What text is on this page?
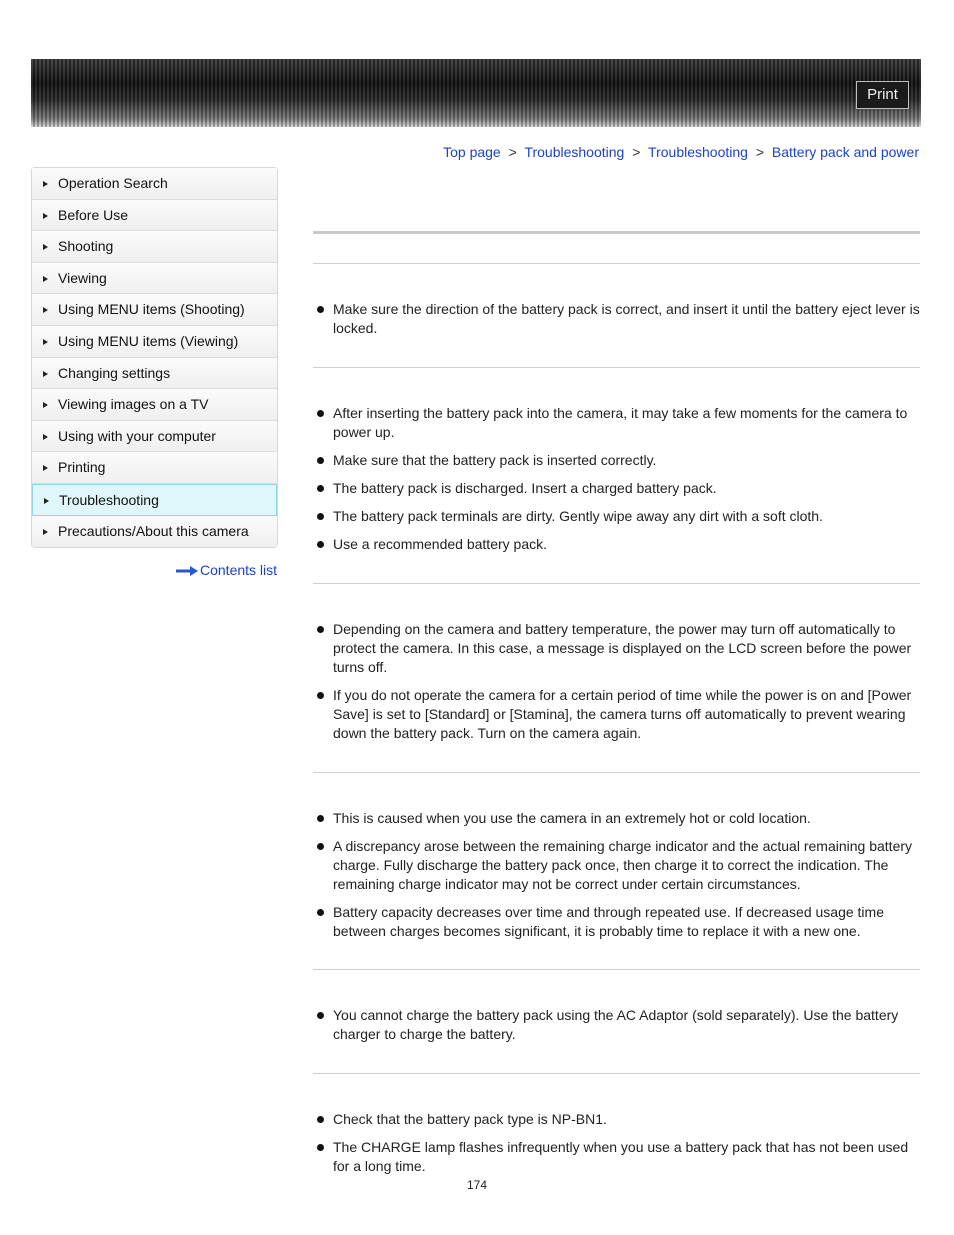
Print
Top page > Troubleshooting > Troubleshooting > Battery pack and power
Operation Search
Before Use
Shooting
Viewing
Using MENU items (Shooting)
Using MENU items (Viewing)
Changing settings
Viewing images on a TV
Using with your computer
Printing
Troubleshooting
Precautions/About this camera
Contents list
Make sure the direction of the battery pack is correct, and insert it until the battery eject lever is locked.
After inserting the battery pack into the camera, it may take a few moments for the camera to power up.
Make sure that the battery pack is inserted correctly.
The battery pack is discharged. Insert a charged battery pack.
The battery pack terminals are dirty. Gently wipe away any dirt with a soft cloth.
Use a recommended battery pack.
Depending on the camera and battery temperature, the power may turn off automatically to protect the camera. In this case, a message is displayed on the LCD screen before the power turns off.
If you do not operate the camera for a certain period of time while the power is on and [Power Save] is set to [Standard] or [Stamina], the camera turns off automatically to prevent wearing down the battery pack. Turn on the camera again.
This is caused when you use the camera in an extremely hot or cold location.
A discrepancy arose between the remaining charge indicator and the actual remaining battery charge. Fully discharge the battery pack once, then charge it to correct the indication. The remaining charge indicator may not be correct under certain circumstances.
Battery capacity decreases over time and through repeated use. If decreased usage time between charges becomes significant, it is probably time to replace it with a new one.
You cannot charge the battery pack using the AC Adaptor (sold separately). Use the battery charger to charge the battery.
Check that the battery pack type is NP-BN1.
The CHARGE lamp flashes infrequently when you use a battery pack that has not been used for a long time.
174
